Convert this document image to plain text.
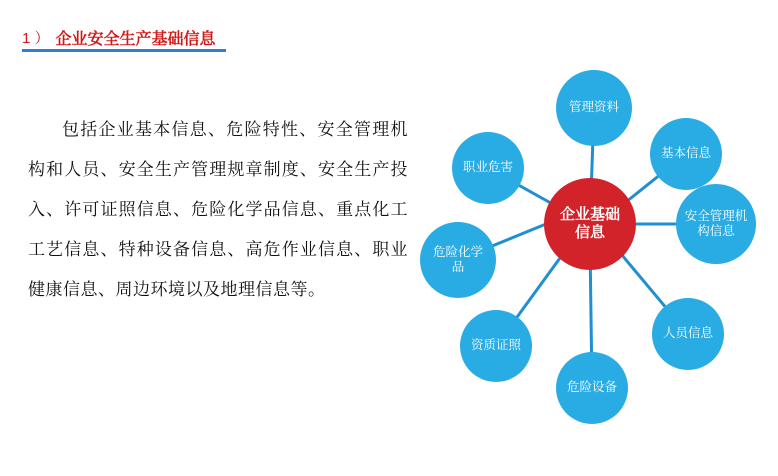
1 ） 企业安全生产基础信息
包括企业基本信息、危险特性、安全管理机构和人员、安全生产管理规章制度、安全生产投入、许可证照信息、危险化学品信息、重点化工工艺信息、特种设备信息、高危作业信息、职业健康信息、周边环境以及地理信息等。
管理资料
基本信息
安全管理机构信息
人员信息
危险设备
资质证照
危险化学品
职业危害
企业基础信息
